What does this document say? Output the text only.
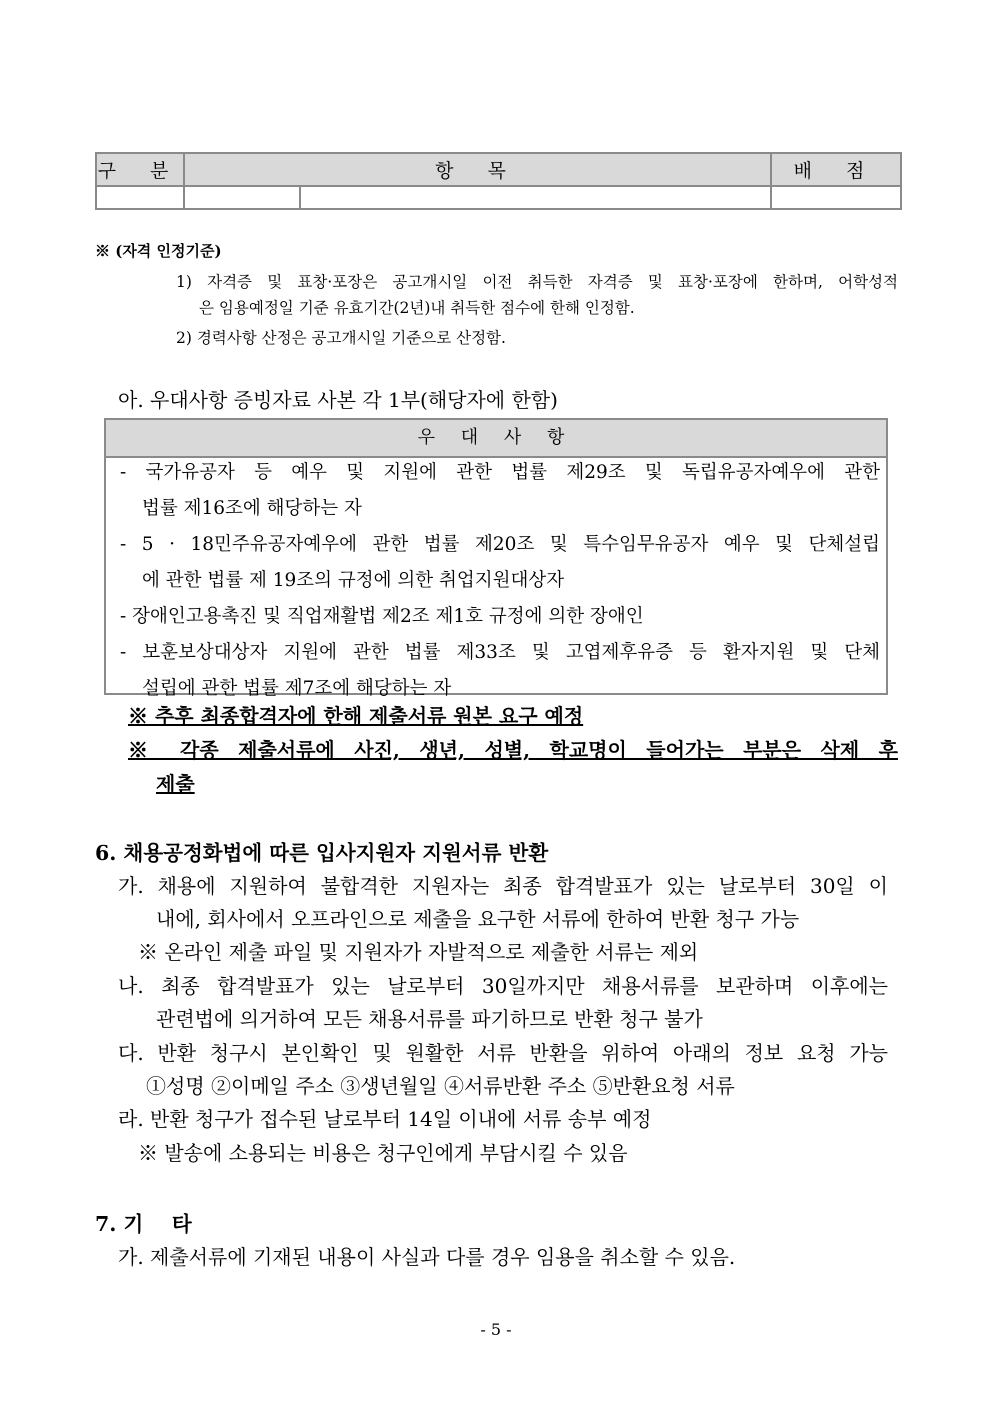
구 분	항 목		배 점

※ (자격 인정기준)
1) 자격증 및 표창·포장은 공고개시일 이전 취득한 자격증 및 표창·포장에 한하며, 어학성적
은 임용예정일 기준 유효기간(2년)내 취득한 점수에 한해 인정함.
2) 경력사항 산정은 공고개시일 기준으로 산정함.
아. 우대사항 증빙자료 사본 각 1부(해당자에 한함)
우 대 사 항
- 국가유공자 등 예우 및 지원에 관한 법률 제29조 및 독립유공자예우에 관한
법률 제16조에 해당하는 자
- 5 · 18민주유공자예우에 관한 법률 제20조 및 특수임무유공자 예우 및 단체설립
에 관한 법률 제 19조의 규정에 의한 취업지원대상자
- 장애인고용촉진 및 직업재활법 제2조 제1호 규정에 의한 장애인
- 보훈보상대상자 지원에 관한 법률 제33조 및 고엽제후유증 등 환자지원 및 단체
설립에 관한 법률 제7조에 해당하는 자
※ 추후 최종합격자에 한해 제출서류 원본 요구 예정
※ 각종 제출서류에 사진, 생년, 성별, 학교명이 들어가는 부분은 삭제 후
제출
6. 채용공정화법에 따른 입사지원자 지원서류 반환
가. 채용에 지원하여 불합격한 지원자는 최종 합격발표가 있는 날로부터 30일 이
내에, 회사에서 오프라인으로 제출을 요구한 서류에 한하여 반환 청구 가능
※ 온라인 제출 파일 및 지원자가 자발적으로 제출한 서류는 제외
나. 최종 합격발표가 있는 날로부터 30일까지만 채용서류를 보관하며 이후에는
관련법에 의거하여 모든 채용서류를 파기하므로 반환 청구 불가
다. 반환 청구시 본인확인 및 원활한 서류 반환을 위하여 아래의 정보 요청 가능
①성명 ②이메일 주소 ③생년월일 ④서류반환 주소 ⑤반환요청 서류
라. 반환 청구가 접수된 날로부터 14일 이내에 서류 송부 예정
※ 발송에 소용되는 비용은 청구인에게 부담시킬 수 있음
7. 기    타
가. 제출서류에 기재된 내용이 사실과 다를 경우 임용을 취소할 수 있음.
- 5 -
